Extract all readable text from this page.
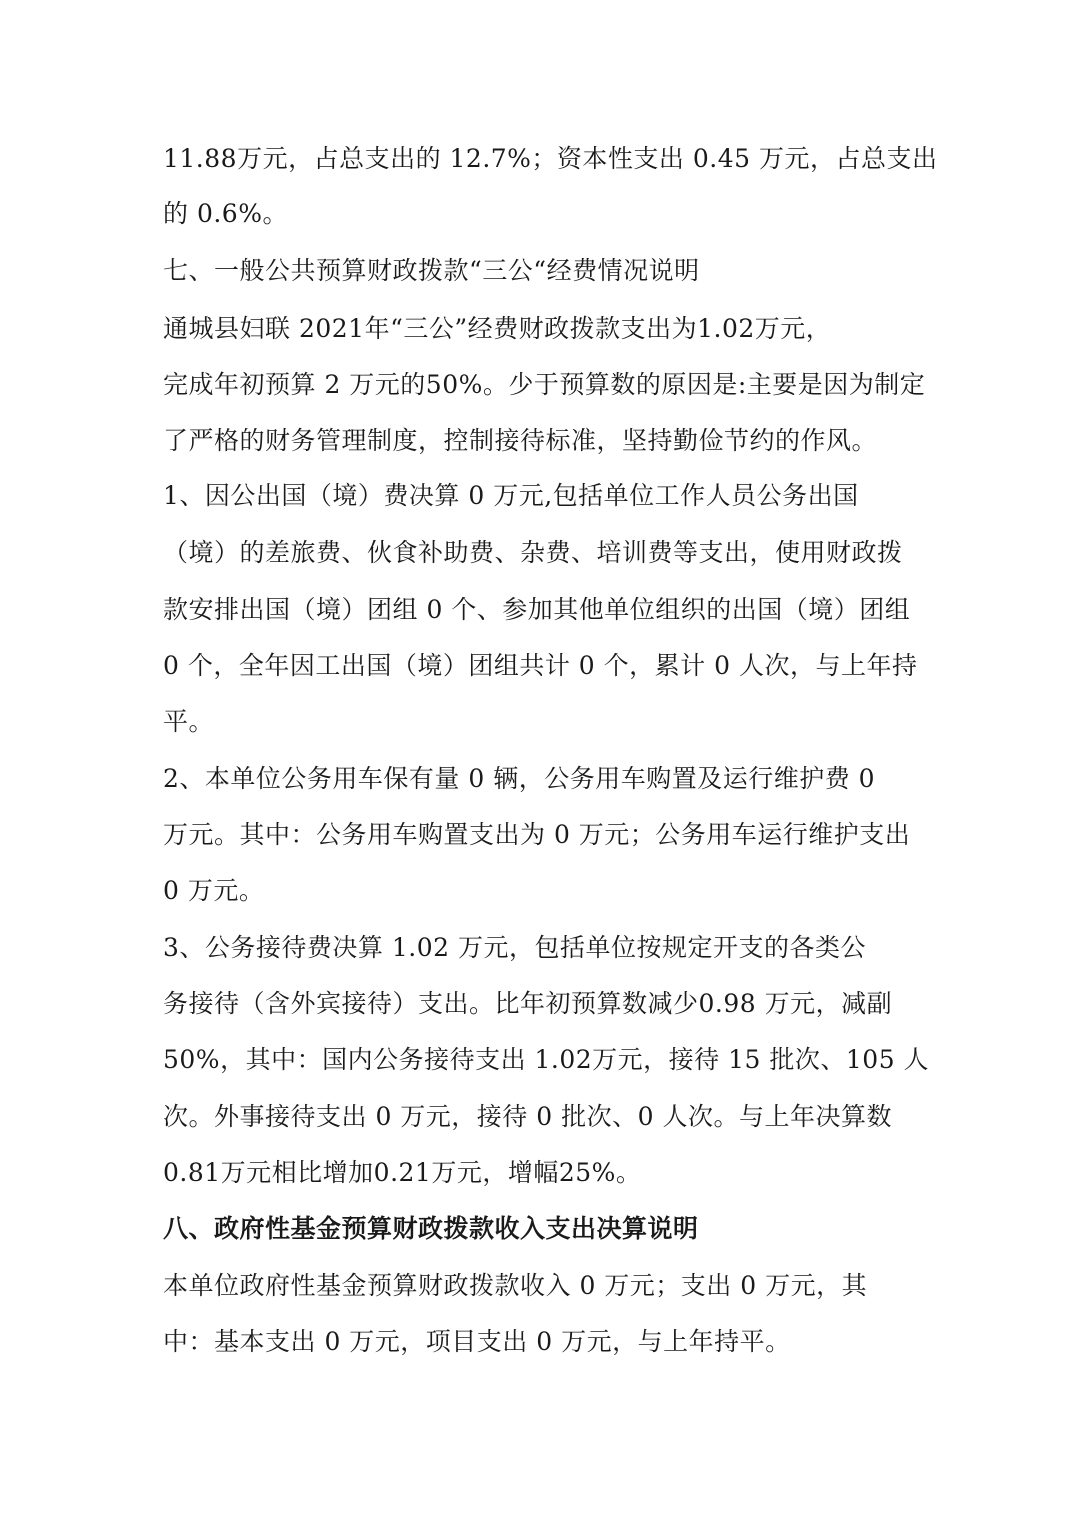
11.88万元，占总支出的 12.7%；资本性支出 0.45 万元，占总支出
的 0.6%。
七、一般公共预算财政拨款“三公“经费情况说明
通城县妇联 2021年“三公”经费财政拨款支出为1.02万元，
完成年初预算 2 万元的50%。少于预算数的原因是:主要是因为制定
了严格的财务管理制度，控制接待标准，坚持勤俭节约的作风。
1、因公出国（境）费决算 0 万元,包括单位工作人员公务出国
（境）的差旅费、伙食补助费、杂费、培训费等支出，使用财政拨
款安排出国（境）团组 0 个、参加其他单位组织的出国（境）团组
0 个，全年因工出国（境）团组共计 0 个，累计 0 人次，与上年持
平。
2、本单位公务用车保有量 0 辆，公务用车购置及运行维护费 0
万元。其中：公务用车购置支出为 0 万元；公务用车运行维护支出
0 万元。
3、公务接待费决算 1.02 万元，包括单位按规定开支的各类公
务接待（含外宾接待）支出。比年初预算数减少0.98 万元，减副
50%，其中：国内公务接待支出 1.02万元，接待 15 批次、105 人
次。外事接待支出 0 万元，接待 0 批次、0 人次。与上年决算数
0.81万元相比增加0.21万元，增幅25%。
八、政府性基金预算财政拨款收入支出决算说明
本单位政府性基金预算财政拨款收入 0 万元；支出 0 万元，其
中：基本支出 0 万元，项目支出 0 万元，与上年持平。
